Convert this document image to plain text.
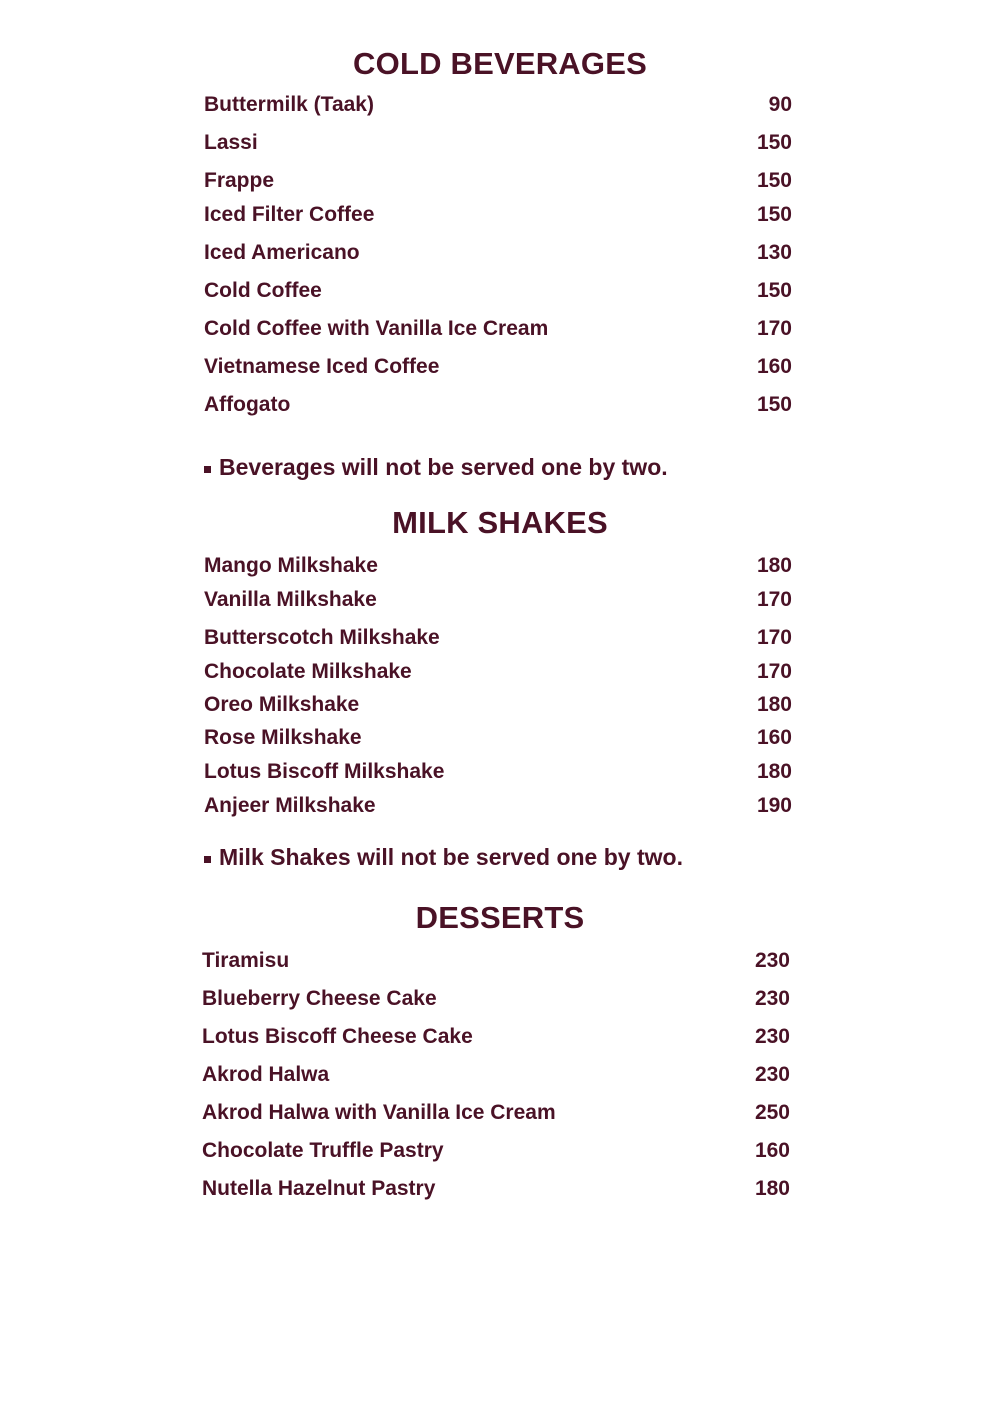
COLD BEVERAGES
Buttermilk (Taak)	90
Lassi	150
Frappe	150
Iced Filter Coffee	150
Iced Americano	130
Cold Coffee	150
Cold Coffee with Vanilla Ice Cream	170
Vietnamese Iced Coffee	160
Affogato	150
Beverages will not be served one by two.
MILK SHAKES
Mango Milkshake	180
Vanilla Milkshake	170
Butterscotch Milkshake	170
Chocolate Milkshake	170
Oreo Milkshake	180
Rose Milkshake	160
Lotus Biscoff Milkshake	180
Anjeer Milkshake	190
Milk Shakes will not be served one by two.
DESSERTS
Tiramisu	230
Blueberry Cheese Cake	230
Lotus Biscoff Cheese Cake	230
Akrod Halwa	230
Akrod Halwa with Vanilla Ice Cream	250
Chocolate Truffle Pastry	160
Nutella Hazelnut Pastry	180
